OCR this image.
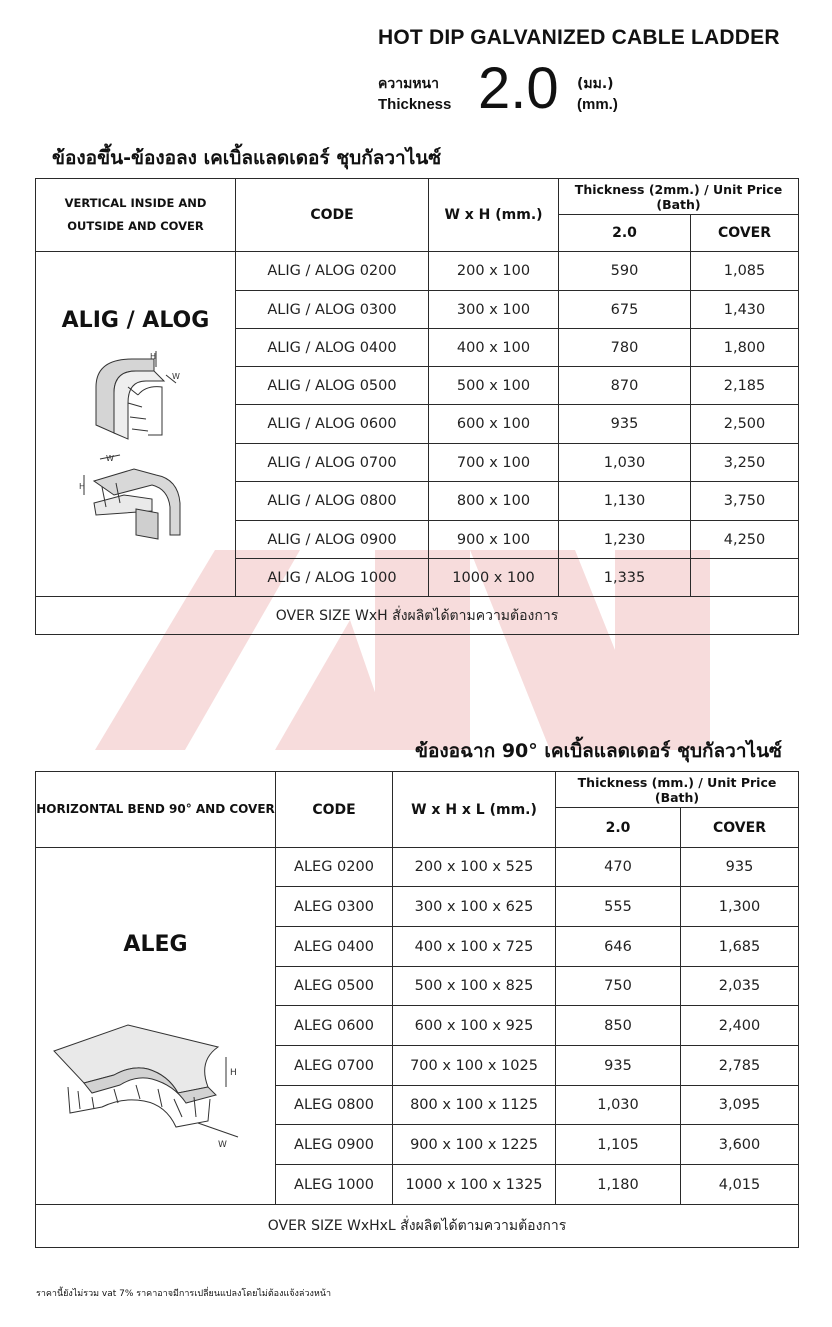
HOT DIP GALVANIZED CABLE LADDER
ความหนา
Thickness 2.0 (มม.)
(mm.)
ข้องอขึ้น-ข้องอลง เคเบิ้ลแลดเดอร์ ชุบกัลวาไนซ์
VERTICAL INSIDE AND OUTSIDE AND COVER	CODE	W x H (mm.)	Thickness (2mm.) / Unit Price (Bath)	
			2.0	COVER

ALIG / ALOG
H
W
H
W	ALIG / ALOG 0200	200 x 100	590	1,085
	ALIG / ALOG 0300	300 x 100	675	1,430
	ALIG / ALOG 0400	400 x 100	780	1,800
	ALIG / ALOG 0500	500 x 100	870	2,185
	ALIG / ALOG 0600	600 x 100	935	2,500
	ALIG / ALOG 0700	700 x 100	1,030	3,250
	ALIG / ALOG 0800	800 x 100	1,130	3,750
	ALIG / ALOG 0900	900 x 100	1,230	4,250
	ALIG / ALOG 1000	1000 x 100	1,335	
OVER SIZE WxH สั่งผลิตได้ตามความต้องการ				
ข้องอฉาก 90° เคเบิ้ลแลดเดอร์ ชุบกัลวาไนซ์
HORIZONTAL BEND 90° AND COVER	CODE	W x H x L (mm.)	Thickness (mm.) / Unit Price (Bath)	
			2.0	COVER

ALEG
H
W	ALEG 0200	200 x 100 x 525	470	935
	ALEG 0300	300 x 100 x 625	555	1,300
	ALEG 0400	400 x 100 x 725	646	1,685
	ALEG 0500	500 x 100 x 825	750	2,035
	ALEG 0600	600 x 100 x 925	850	2,400
	ALEG 0700	700 x 100 x 1025	935	2,785
	ALEG 0800	800 x 100 x 1125	1,030	3,095
	ALEG 0900	900 x 100 x 1225	1,105	3,600
	ALEG 1000	1000 x 100 x 1325	1,180	4,015
OVER SIZE WxHxL สั่งผลิตได้ตามความต้องการ				
ราคานี้ยังไม่รวม vat 7% ราคาอาจมีการเปลี่ยนแปลงโดยไม่ต้องแจ้งล่วงหน้า
